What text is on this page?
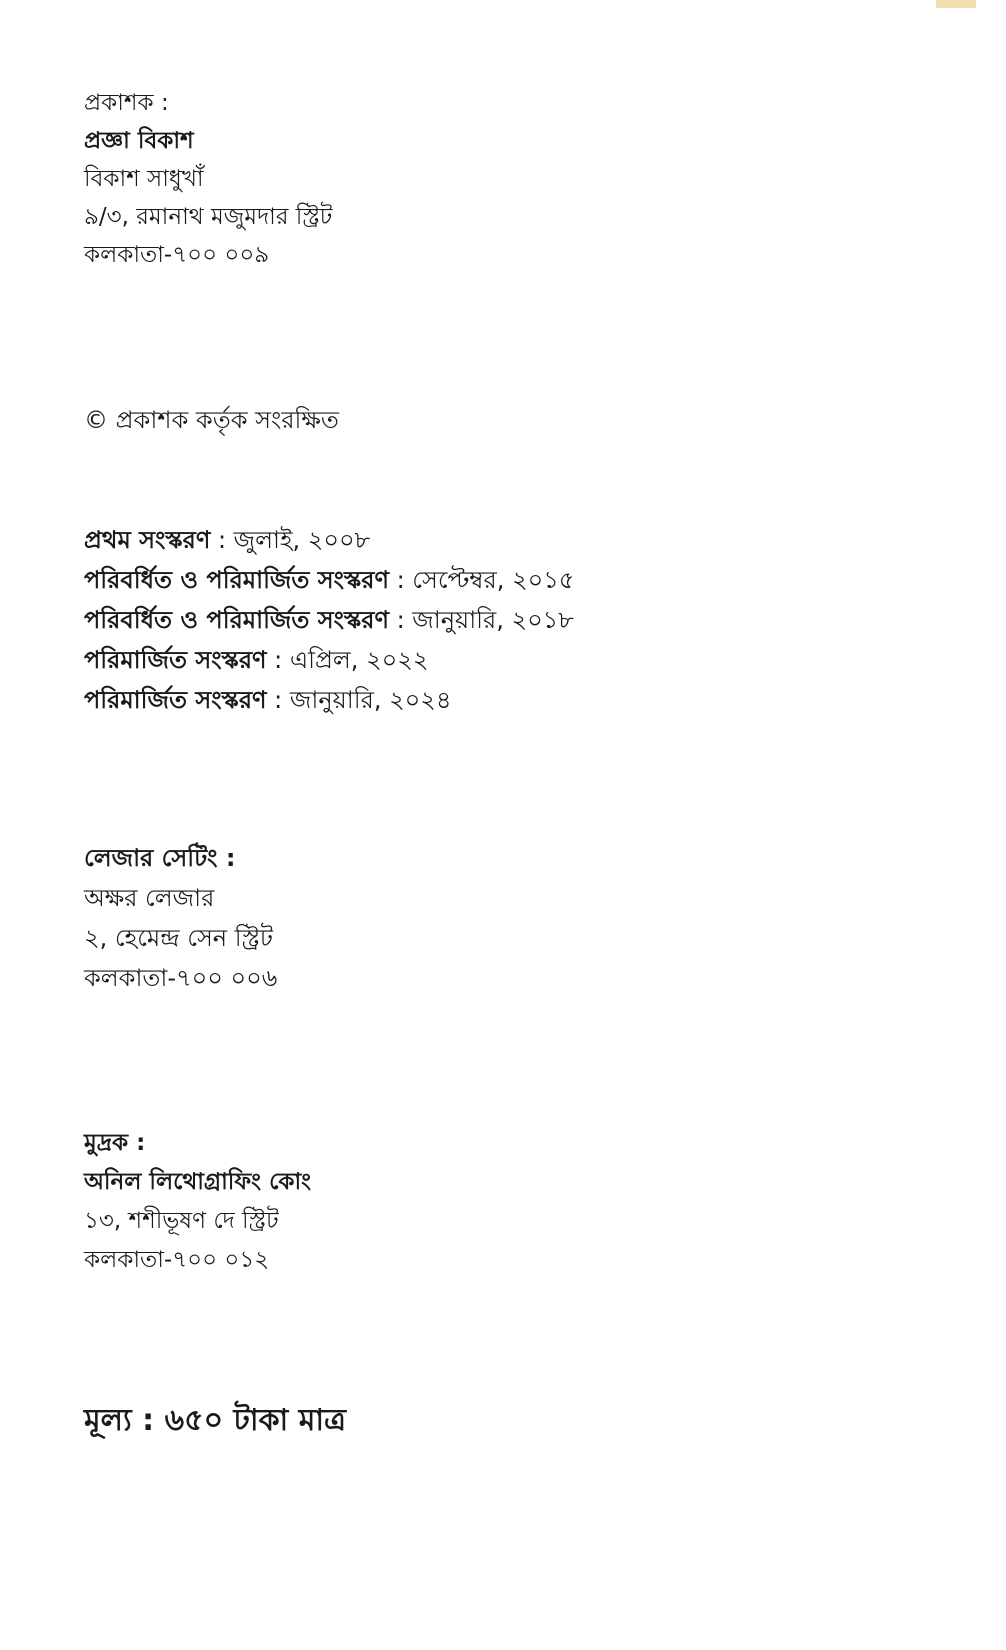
প্রকাশক :
প্রজ্ঞা বিকাশ
বিকাশ সাধুখাঁ
৯/৩, রমানাথ মজুমদার স্ট্রিট
কলকাতা-৭০০ ০০৯
© প্রকাশক কর্তৃক সংরক্ষিত
প্রথম সংস্করণ : জুলাই, ২০০৮
পরিবর্ধিত ও পরিমার্জিত সংস্করণ : সেপ্টেম্বর, ২০১৫
পরিবর্ধিত ও পরিমার্জিত সংস্করণ : জানুয়ারি, ২০১৮
পরিমার্জিত সংস্করণ : এপ্রিল, ২০২২
পরিমার্জিত সংস্করণ : জানুয়ারি, ২০২৪
লেজার সেটিং :
অক্ষর লেজার
২, হেমেন্দ্র সেন স্ট্রিট
কলকাতা-৭০০ ০০৬
মুদ্রক :
অনিল লিথোগ্রাফিং কোং
১৩, শশীভূষণ দে স্ট্রিট
কলকাতা-৭০০ ০১২
মূল্য : ৬৫০ টাকা মাত্র
